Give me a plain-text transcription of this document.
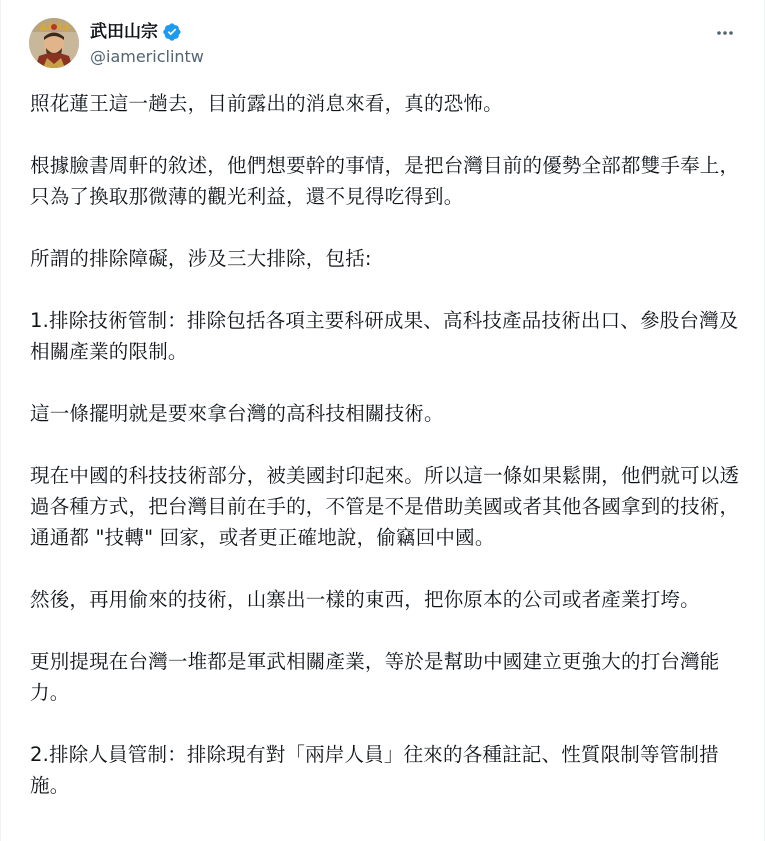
武田山宗
@iamericlintw

照花蓮王這一趟去，目前露出的消息來看，真的恐怖。

根據臉書周軒的敘述，他們想要幹的事情，是把台灣目前的優勢全部都雙手奉上，只為了換取那微薄的觀光利益，還不見得吃得到。

所謂的排除障礙，涉及三大排除，包括:

1.排除技術管制：排除包括各項主要科研成果、高科技產品技術出口、參股台灣及相關產業的限制。

這一條擺明就是要來拿台灣的高科技相關技術。

現在中國的科技技術部分，被美國封印起來。所以這一條如果鬆開，他們就可以透過各種方式，把台灣目前在手的，不管是不是借助美國或者其他各國拿到的技術，通通都 "技轉" 回家，或者更正確地說，偷竊回中國。

然後，再用偷來的技術，山寨出一樣的東西，把你原本的公司或者產業打垮。

更別提現在台灣一堆都是軍武相關產業，等於是幫助中國建立更強大的打台灣能力。

2.排除人員管制：排除現有對「兩岸人員」往來的各種註記、性質限制等管制措施。
